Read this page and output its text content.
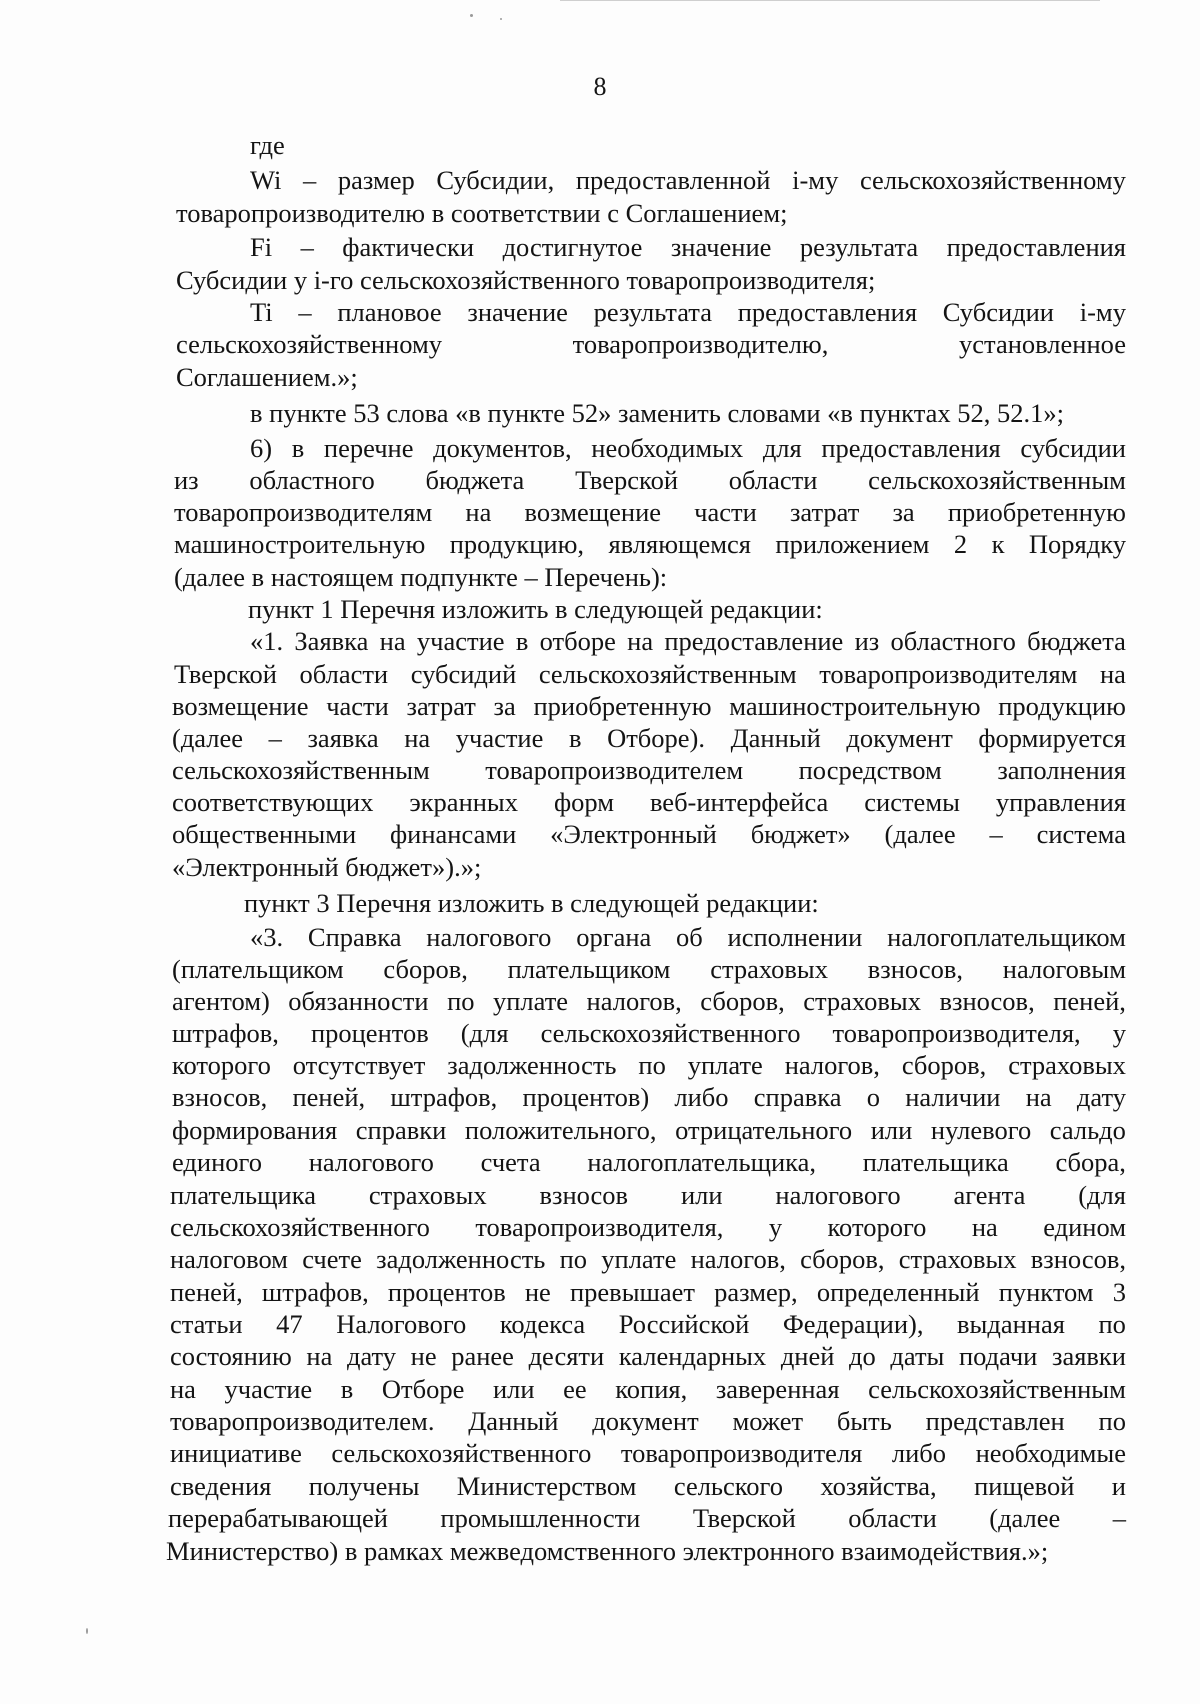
8
где
Wi – размер Субсидии, предоставленной i-му сельскохозяйственному
товаропроизводителю в соответствии с Соглашением;
Fi – фактически достигнутое значение результата предоставления
Субсидии у i-го сельскохозяйственного товаропроизводителя;
Ti – плановое значение результата предоставления Субсидии i-му
сельскохозяйственному	товаропроизводителю,	установленное
Соглашением.»;
в пункте 53 слова «в пункте 52» заменить словами «в пунктах 52, 52.1»;
6) в перечне документов, необходимых для предоставления субсидии
из областного бюджета Тверской области сельскохозяйственным
товаропроизводителям на возмещение части затрат за приобретенную
машиностроительную продукцию, являющемся приложением 2 к Порядку
(далее в настоящем подпункте – Перечень):
пункт 1 Перечня изложить в следующей редакции:
«1. Заявка на участие в отборе на предоставление из областного бюджета
Тверской области субсидий сельскохозяйственным товаропроизводителям на
возмещение части затрат за приобретенную машиностроительную продукцию
(далее – заявка на участие в Отборе). Данный документ формируется
сельскохозяйственным товаропроизводителем посредством заполнения
соответствующих экранных форм веб-интерфейса системы управления
общественными финансами «Электронный бюджет» (далее – система
«Электронный бюджет»).»;
пункт 3 Перечня изложить в следующей редакции:
«3. Справка налогового органа об исполнении налогоплательщиком
(плательщиком сборов, плательщиком страховых взносов, налоговым
агентом) обязанности по уплате налогов, сборов, страховых взносов, пеней,
штрафов, процентов (для сельскохозяйственного товаропроизводителя, у
которого отсутствует задолженность по уплате налогов, сборов, страховых
взносов, пеней, штрафов, процентов) либо справка о наличии на дату
формирования справки положительного, отрицательного или нулевого сальдо
единого налогового счета налогоплательщика, плательщика сбора,
плательщика страховых взносов или налогового агента (для
сельскохозяйственного товаропроизводителя, у которого на едином
налоговом счете задолженность по уплате налогов, сборов, страховых взносов,
пеней, штрафов, процентов не превышает размер, определенный пунктом 3
статьи 47 Налогового кодекса Российской Федерации), выданная по
состоянию на дату не ранее десяти календарных дней до даты подачи заявки
на участие в Отборе или ее копия, заверенная сельскохозяйственным
товаропроизводителем. Данный документ может быть представлен по
инициативе сельскохозяйственного товаропроизводителя либо необходимые
сведения получены Министерством сельского хозяйства, пищевой и
перерабатывающей промышленности Тверской области (далее –
Министерство) в рамках межведомственного электронного взаимодействия.»;
